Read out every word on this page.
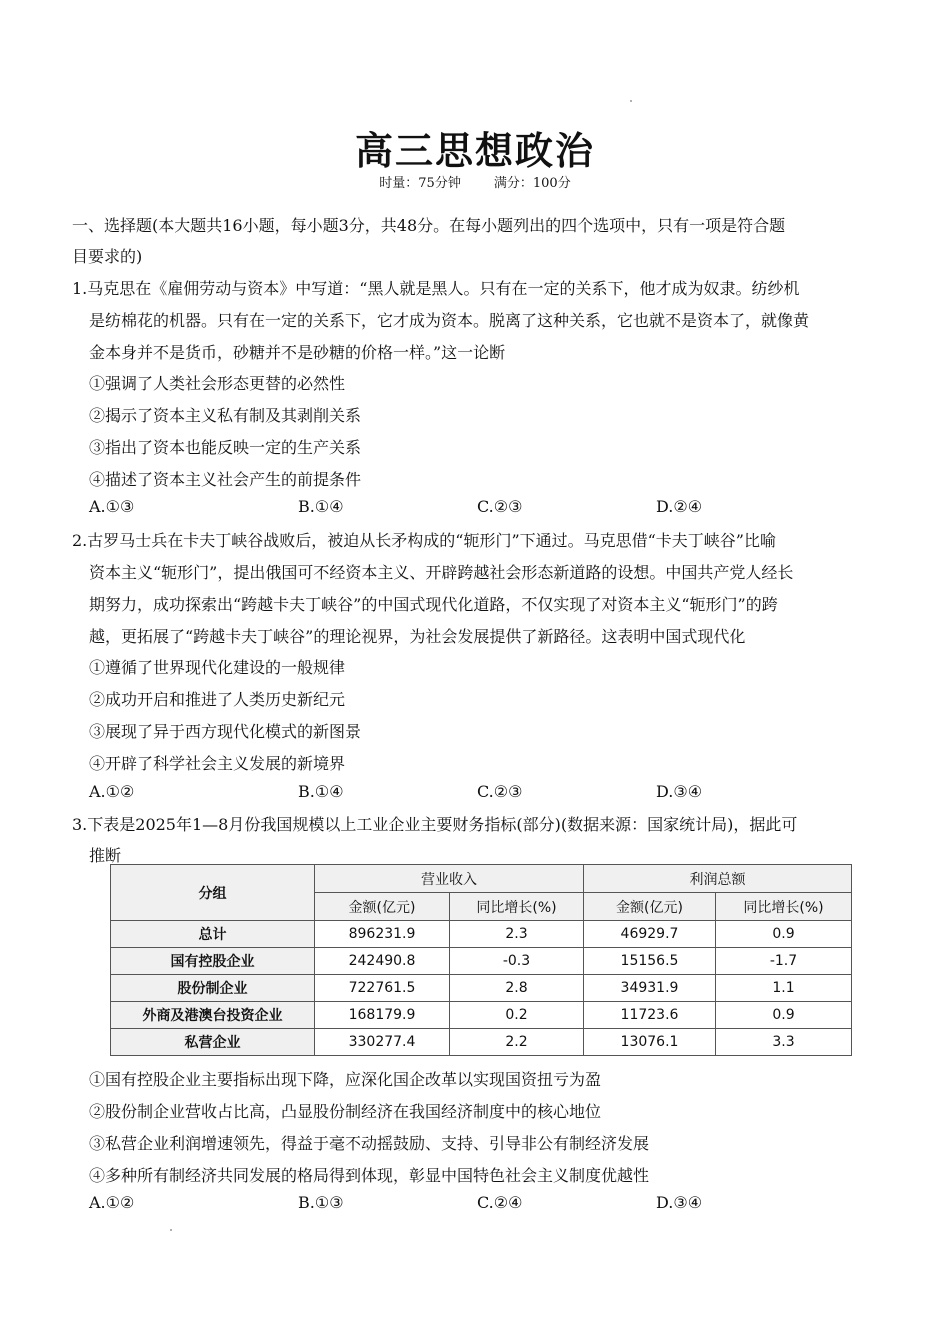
高三思想政治
时量：75分钟        满分：100分
一、选择题(本大题共16小题，每小题3分，共48分。在每小题列出的四个选项中，只有一项是符合题
目要求的)
1.马克思在《雇佣劳动与资本》中写道：“黑人就是黑人。只有在一定的关系下，他才成为奴隶。纺纱机
是纺棉花的机器。只有在一定的关系下，它才成为资本。脱离了这种关系，它也就不是资本了，就像黄
金本身并不是货币，砂糖并不是砂糖的价格一样。”这一论断
①强调了人类社会形态更替的必然性
②揭示了资本主义私有制及其剥削关系
③指出了资本也能反映一定的生产关系
④描述了资本主义社会产生的前提条件
A.①③	B.①④	C.②③	D.②④
2.古罗马士兵在卡夫丁峡谷战败后，被迫从长矛构成的“轭形门”下通过。马克思借“卡夫丁峡谷”比喻
资本主义“轭形门”，提出俄国可不经资本主义、开辟跨越社会形态新道路的设想。中国共产党人经长
期努力，成功探索出“跨越卡夫丁峡谷”的中国式现代化道路，不仅实现了对资本主义“轭形门”的跨
越，更拓展了“跨越卡夫丁峡谷”的理论视界，为社会发展提供了新路径。这表明中国式现代化
①遵循了世界现代化建设的一般规律
②成功开启和推进了人类历史新纪元
③展现了异于西方现代化模式的新图景
④开辟了科学社会主义发展的新境界
A.①②	B.①④	C.②③	D.③④
3.下表是2025年1—8月份我国规模以上工业企业主要财务指标(部分)(数据来源：国家统计局)，据此可
推断
分组	营业收入		利润总额	
	金额(亿元)	同比增长(%)	金额(亿元)	同比增长(%)
总计	896231.9	2.3	46929.7	0.9
国有控股企业	242490.8	-0.3	15156.5	-1.7
股份制企业	722761.5	2.8	34931.9	1.1
外商及港澳台投资企业	168179.9	0.2	11723.6	0.9
私营企业	330277.4	2.2	13076.1	3.3
①国有控股企业主要指标出现下降，应深化国企改革以实现国资扭亏为盈
②股份制企业营收占比高，凸显股份制经济在我国经济制度中的核心地位
③私营企业利润增速领先，得益于毫不动摇鼓励、支持、引导非公有制经济发展
④多种所有制经济共同发展的格局得到体现，彰显中国特色社会主义制度优越性
A.①②	B.①③	C.②④	D.③④
